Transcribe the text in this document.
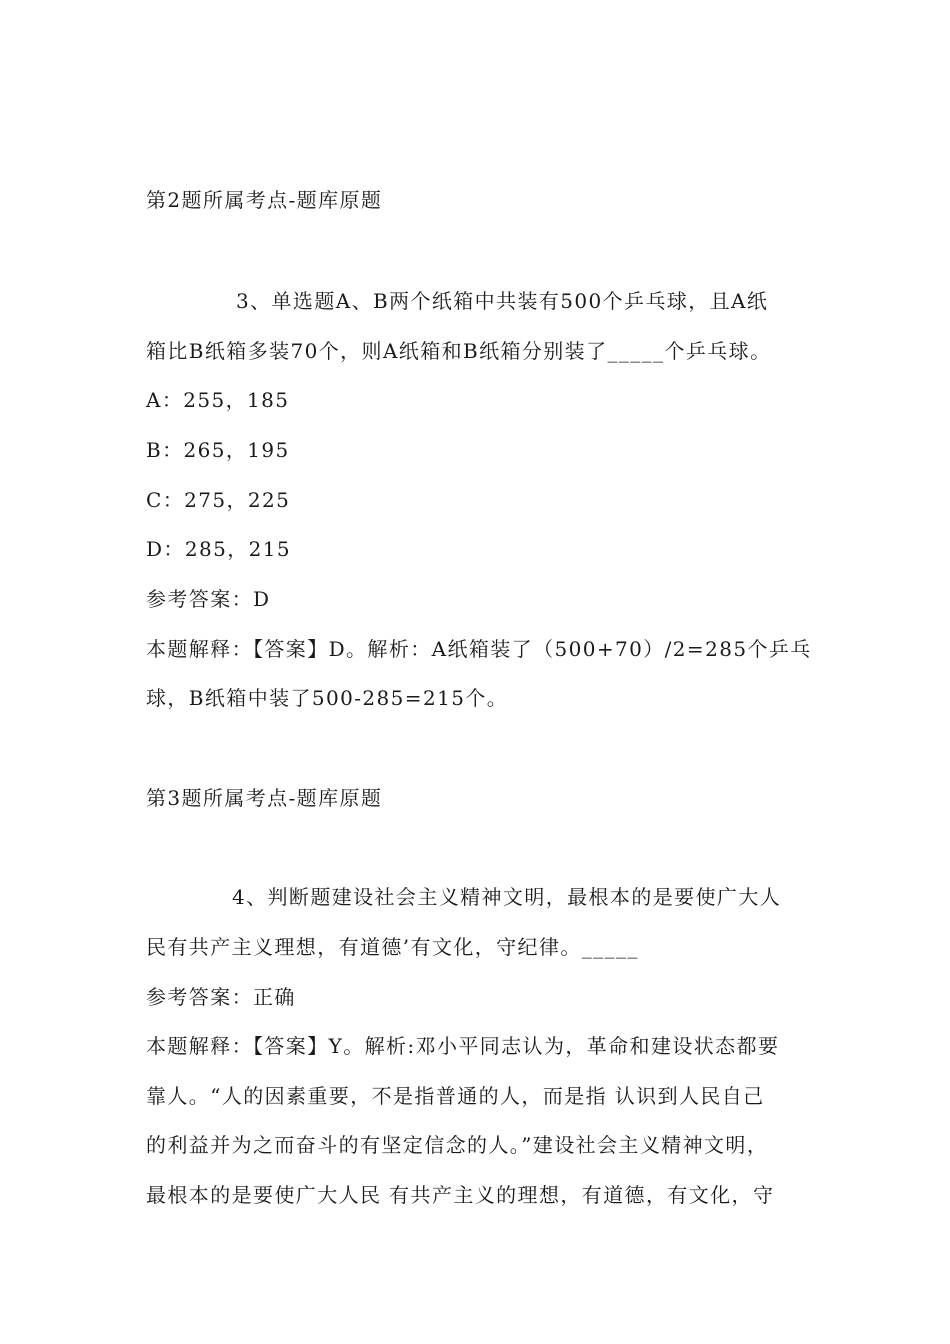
第2题所属考点-题库原题
3、单选题A、B两个纸箱中共装有500个乒乓球，且A纸
箱比B纸箱多装70个，则A纸箱和B纸箱分别装了_____个乒乓球。
A：255，185
B：265，195
C：275，225
D：285，215
参考答案：D
本题解释：【答案】D。解析：A纸箱装了（500+70）/2=285个乒乓
球，B纸箱中装了500-285=215个。
第3题所属考点-题库原题
4、判断题建设社会主义精神文明，最根本的是要使广大人
民有共产主义理想，有道德’有文化，守纪律。_____
参考答案：正确
本题解释：【答案】Y。解析:邓小平同志认为，革命和建设状态都要
靠人。“人的因素重要，不是指普通的人，而是指 认识到人民自己
的利益并为之而奋斗的有坚定信念的人。”建设社会主义精神文明，
最根本的是要使广大人民 有共产主义的理想，有道德，有文化，守
